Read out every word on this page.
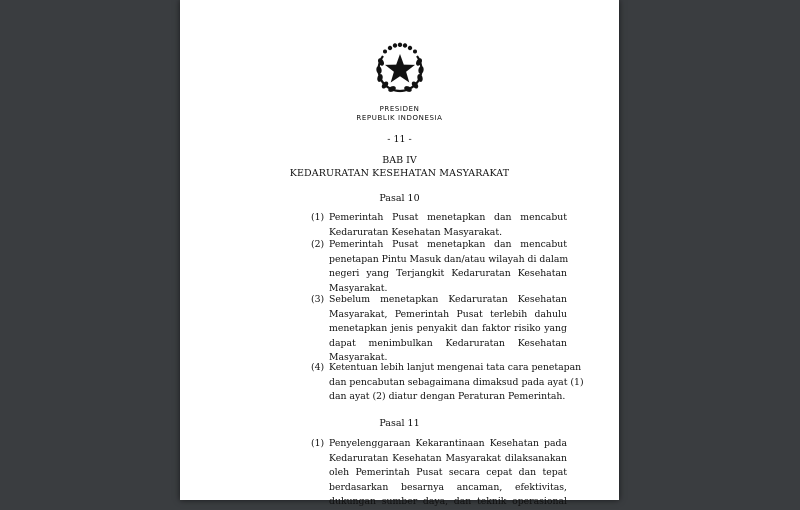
PRESIDEN
REPUBLIK INDONESIA
- 11 -
BAB IV
KEDARURATAN KESEHATAN MASYARAKAT
Pasal 10
(1) Pemerintah Pusat menetapkan dan mencabut
Kedaruratan Kesehatan Masyarakat.
(2) Pemerintah Pusat menetapkan dan mencabut
penetapan Pintu Masuk dan/atau wilayah di dalam
negeri yang Terjangkit Kedaruratan Kesehatan
Masyarakat.
(3) Sebelum menetapkan Kedaruratan Kesehatan
Masyarakat, Pemerintah Pusat terlebih dahulu
menetapkan jenis penyakit dan faktor risiko yang
dapat menimbulkan Kedaruratan Kesehatan
Masyarakat.
(4) Ketentuan lebih lanjut mengenai tata cara penetapan
dan pencabutan sebagaimana dimaksud pada ayat (1)
dan ayat (2) diatur dengan Peraturan Pemerintah.
Pasal 11
(1) Penyelenggaraan Kekarantinaan Kesehatan pada
Kedaruratan Kesehatan Masyarakat dilaksanakan
oleh Pemerintah Pusat secara cepat dan tepat
berdasarkan besarnya ancaman, efektivitas,
dukungan sumber daya, dan teknik operasional
